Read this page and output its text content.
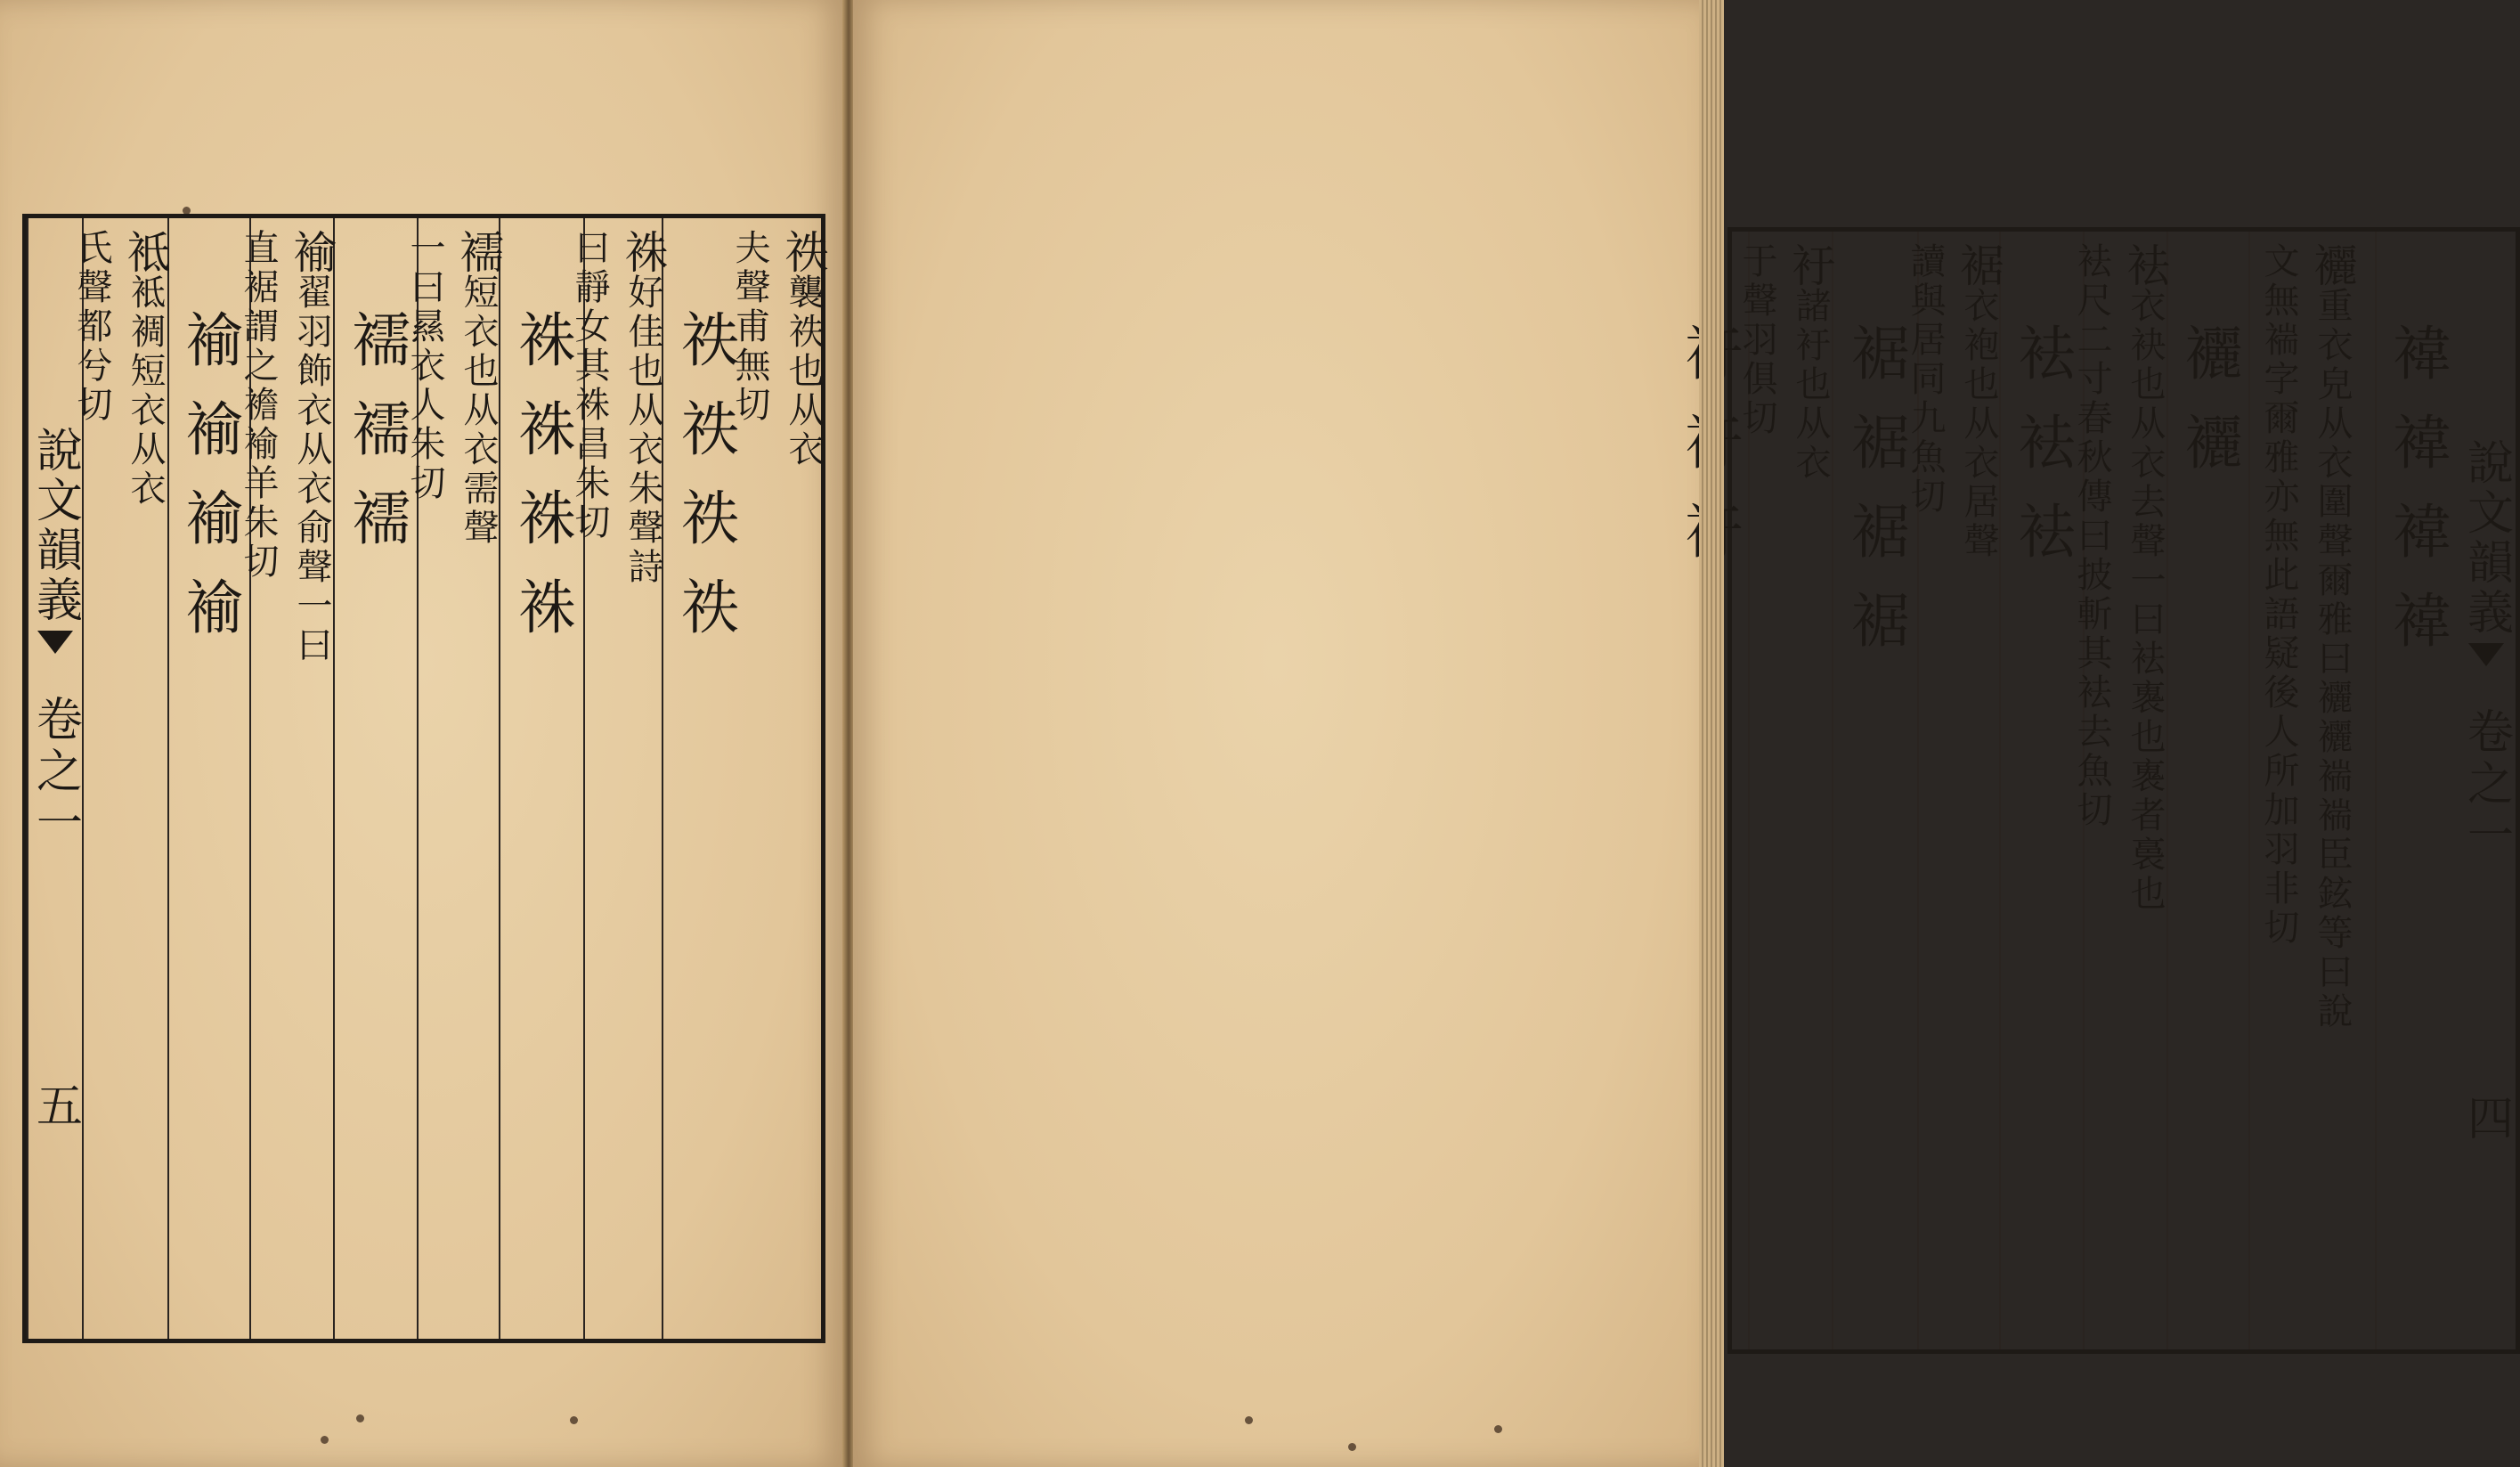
夫聲甫無切 祑
襲祑也从衣
祑祑祑祑
曰靜女其袾昌朱切 袾
好佳也从衣朱聲詩
袾袾袾袾
一曰㬎衣人朱切 襦
短衣也从衣需聲
襦襦襦
直裾謂之襜褕羊朱切 褕
翟羽飾衣从衣俞聲一曰
褕褕褕褕
氏聲都兮切 袛
袛裯短衣从衣
說文韻義
卷之一
五
說文韻義
卷之一
四
褘褘褘褘
文無褍字爾雅亦無此語疑後人所加羽非切 襹
重衣皃从衣圍聲爾雅曰襹襹褍褍臣鉉等曰說
襹襹
袪尺二寸春秋傳曰披斬其袪去魚切 袪
衣袂也从衣去聲一曰袪褢也褢者裛也
袪袪袪
讀與居同九魚切 裾
衣袍也从衣居聲
裾裾裾裾
于聲羽俱切 衧
諸衧也从衣
